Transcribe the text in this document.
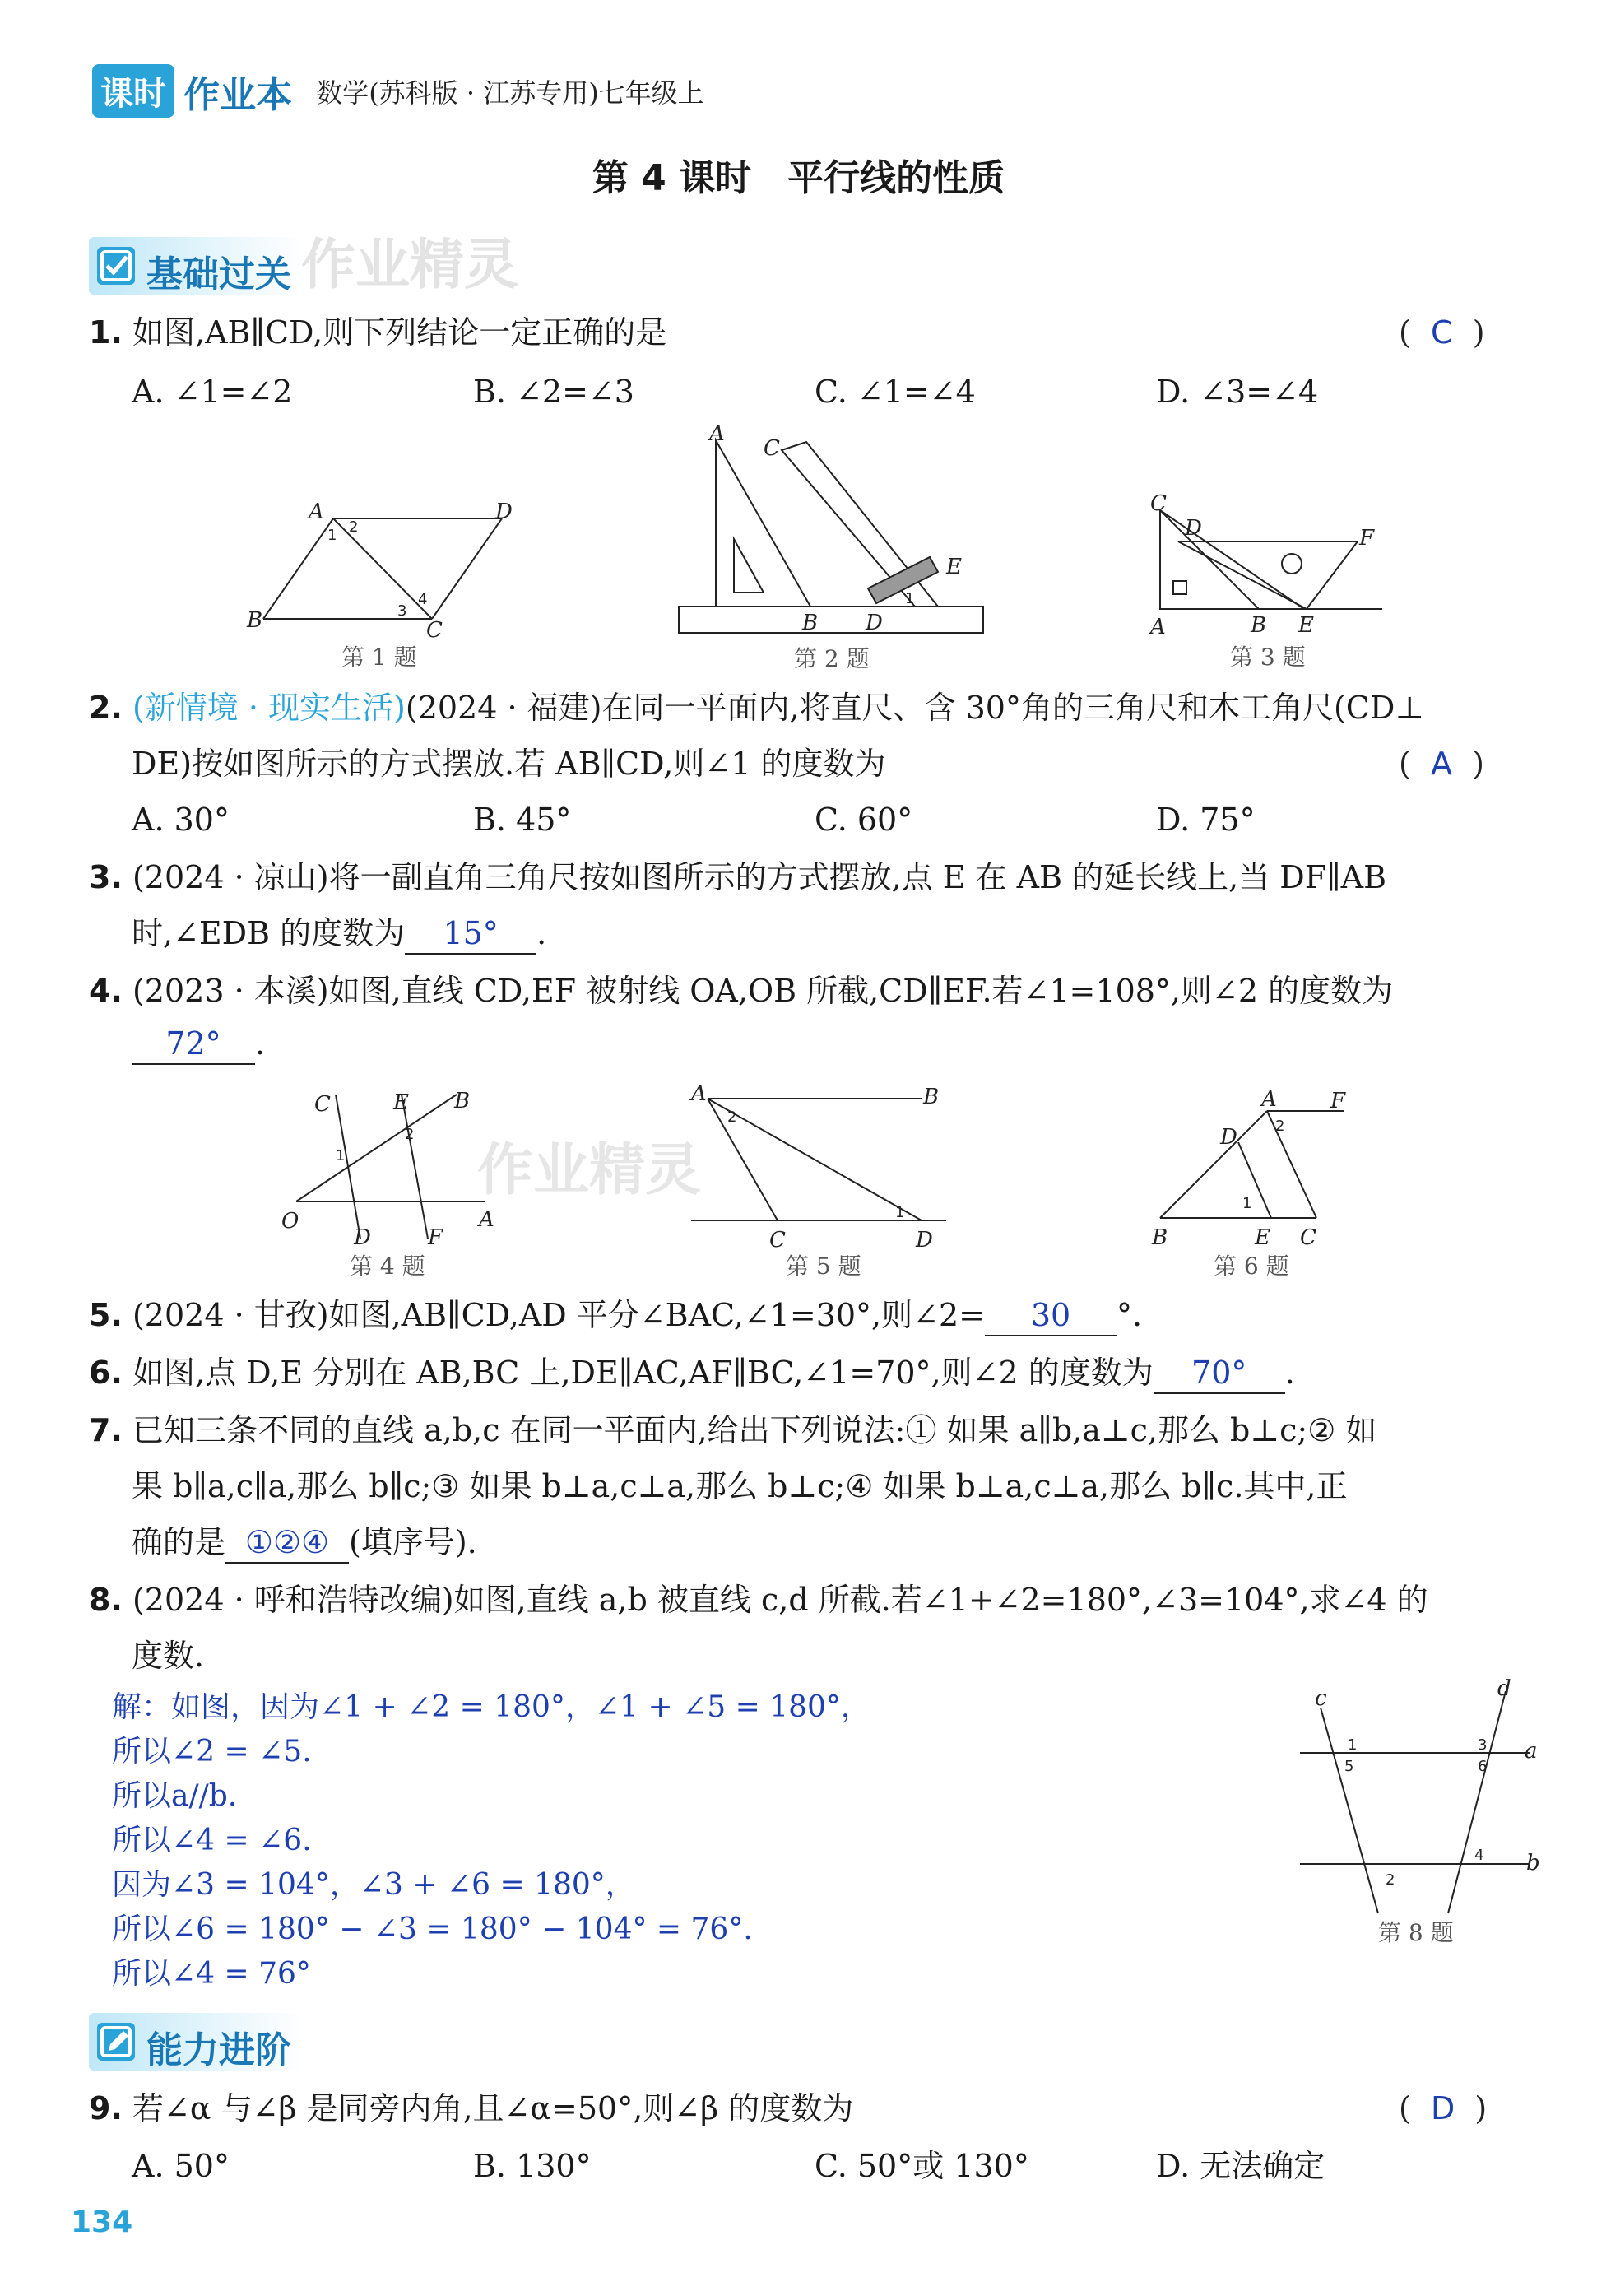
课时 作业本 数学(苏科版 · 江苏专用)七年级上
第 4 课时　平行线的性质
基础过关 作业精灵
1. 如图,AB∥CD,则下列结论一定正确的是	(  C  )
A. ∠1=∠2	B. ∠2=∠3	C. ∠1=∠4	D. ∠3=∠4
A	D
B	C
1 2
3
4
第 1 题
A
C
E
B D
1
第 2 题
C
D	F
A	B E
第 3 题
2. (新情境 · 现实生活)(2024 · 福建)在同一平面内,将直尺、含 30°角的三角尺和木工角尺(CD⊥
DE)按如图所示的方式摆放.若 AB∥CD,则∠1 的度数为	(  A  )
A. 30°	B. 45°	C. 60°	D. 75°
3. (2024 · 凉山)将一副直角三角尺按如图所示的方式摆放,点 E 在 AB 的延长线上,当 DF∥AB
时,∠EDB 的度数为 15° .
4. (2023 · 本溪)如图,直线 CD,EF 被射线 OA,OB 所截,CD∥EF.若∠1=108°,则∠2 的度数为
72° .
C	E B
O
D	F
A
1
2
第 4 题
作业精灵
A	B
C	D
2
1
第 5 题
A	F
D
B	E C
2
1
第 6 题
5. (2024 · 甘孜)如图,AB∥CD,AD 平分∠BAC,∠1=30°,则∠2= 30 °.
6. 如图,点 D,E 分别在 AB,BC 上,DE∥AC,AF∥BC,∠1=70°,则∠2 的度数为 70° .
7. 已知三条不同的直线 a,b,c 在同一平面内,给出下列说法:① 如果 a∥b,a⊥c,那么 b⊥c;② 如
果 b∥a,c∥a,那么 b∥c;③ 如果 b⊥a,c⊥a,那么 b⊥c;④ 如果 b⊥a,c⊥a,那么 b∥c.其中,正
确的是 ①②④ (填序号).
8. (2024 · 呼和浩特改编)如图,直线 a,b 被直线 c,d 所截.若∠1+∠2=180°,∠3=104°,求∠4 的
度数.
解：如图，因为∠1 + ∠2 = 180°，∠1 + ∠5 = 180°，
所以∠2 = ∠5.
所以a//b.
所以∠4 = ∠6.
因为∠3 = 104°，∠3 + ∠6 = 180°，
所以∠6 = 180° − ∠3 = 180° − 104° = 76°.
所以∠4 = 76°
c	d
a
b
1
5
3
6
4
2
第 8 题
能力进阶
9. 若∠α 与∠β 是同旁内角,且∠α=50°,则∠β 的度数为	(  D  )
A. 50°	B. 130°	C. 50°或 130°	D. 无法确定
134
